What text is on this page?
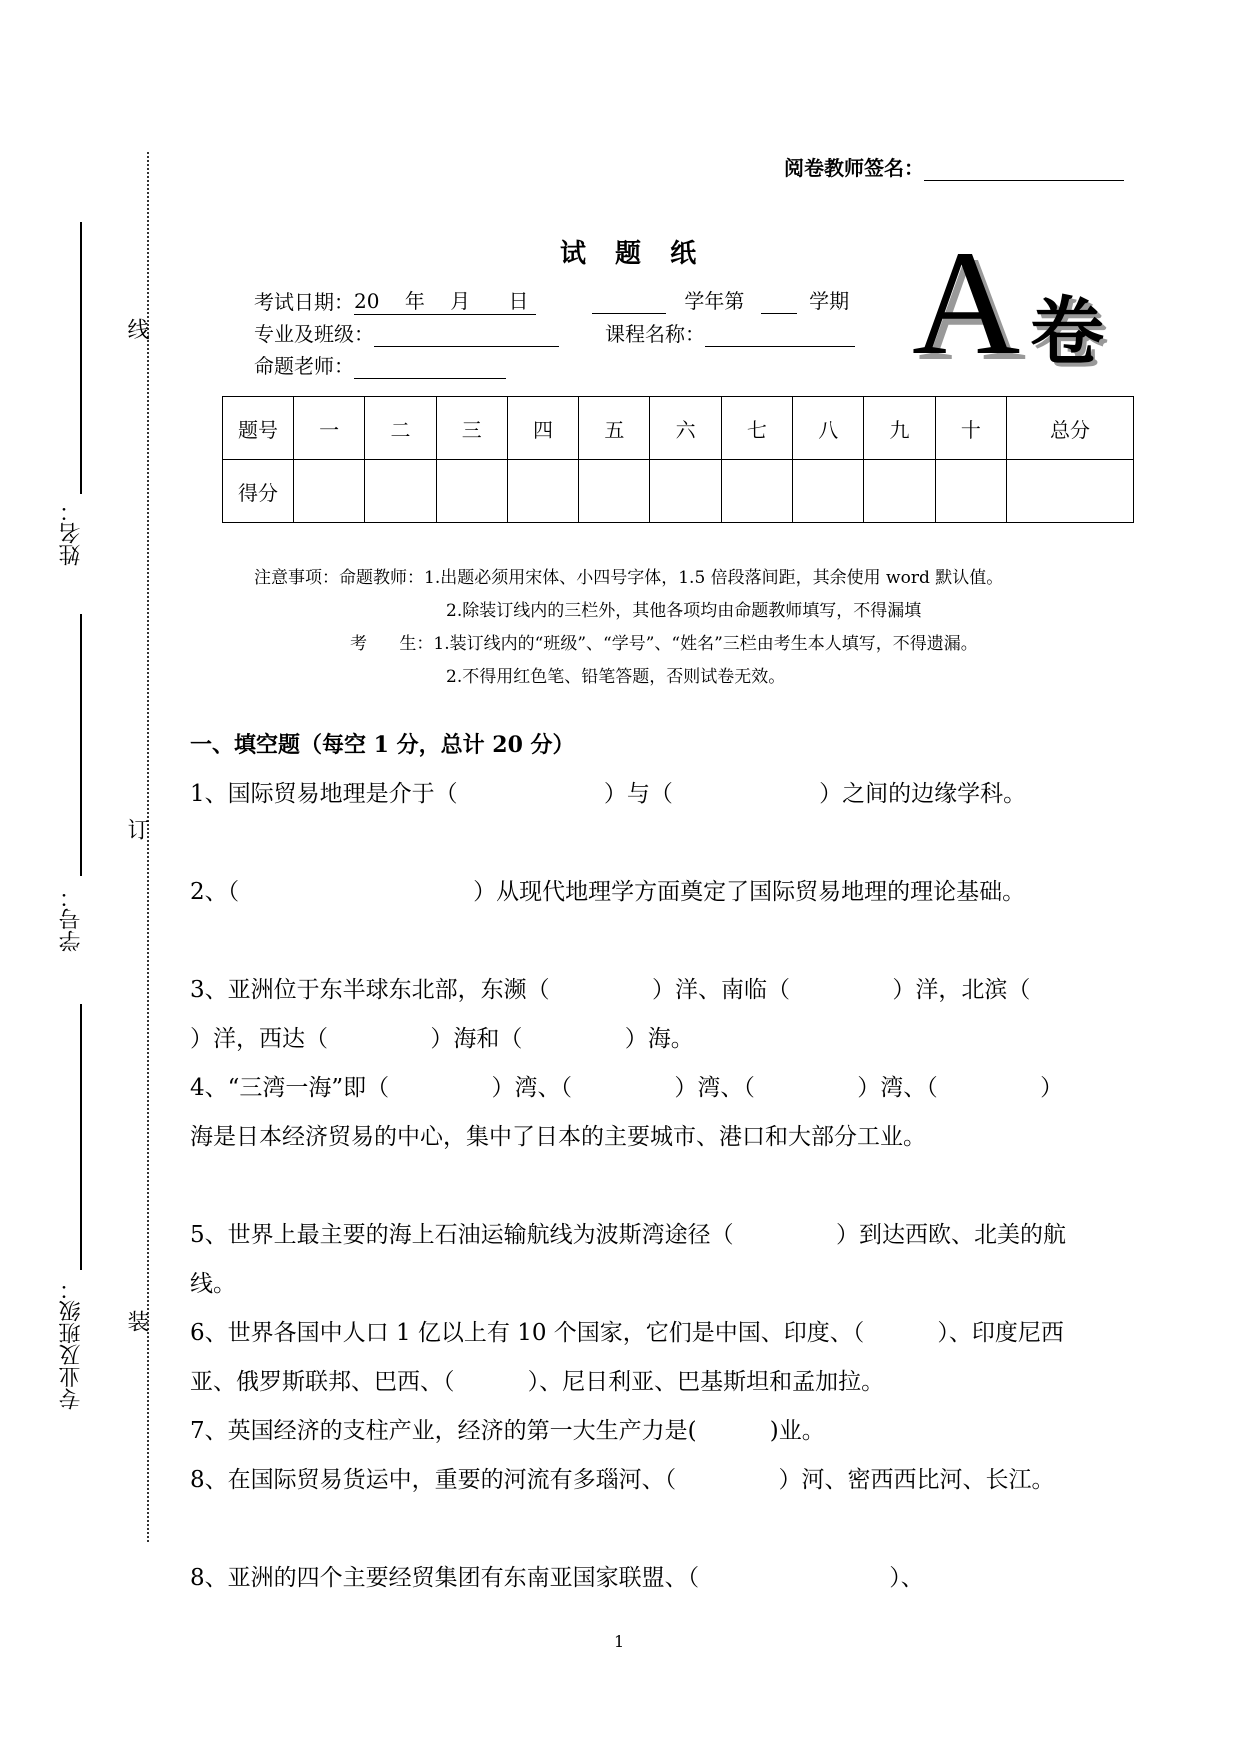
线
订
装
姓名：
学号：
专业及班级：
阅卷教师签名：
试 题 纸
考试日期：20    年    月      日	学年第	学期
专业及班级：	课程名称：
命题老师：	A 卷
题号	一	二	三	四	五	六	七	八	九	十	总分
得分											
注意事项：命题教师：1.出题必须用宋体、小四号字体，1.5 倍段落间距，其余使用 word 默认值。
2.除装订线内的三栏外，其他各项均由命题教师填写，不得漏填
考      生：1.装订线内的“班级”、“学号”、“姓名”三栏由考生本人填写，不得遗漏。
2.不得用红色笔、铅笔答题，否则试卷无效。
一、填空题（每空 1 分，总计 20 分）
1、国际贸易地理是介于（                    ）与（                    ）之间的边缘学科。
2、（                                ）从现代地理学方面奠定了国际贸易地理的理论基础。
3、亚洲位于东半球东北部，东濒（              ）洋、南临（              ）洋，北滨（              ）洋，西达（              ）海和（              ）海。
4、“三湾一海”即（              ）湾、（              ）湾、（              ）湾、（              ）海是日本经济贸易的中心，集中了日本的主要城市、港口和大部分工业。
5、世界上最主要的海上石油运输航线为波斯湾途径（              ）到达西欧、北美的航线。
6、世界各国中人口 1 亿以上有 10 个国家，它们是中国、印度、（          ）、印度尼西亚、俄罗斯联邦、巴西、（          ）、尼日利亚、巴基斯坦和孟加拉。
7、英国经济的支柱产业，经济的第一大生产力是(          )业。
8、在国际贸易货运中，重要的河流有多瑙河、（              ）河、密西西比河、长江。
8、亚洲的四个主要经贸集团有东南亚国家联盟、（                          ）、
1
